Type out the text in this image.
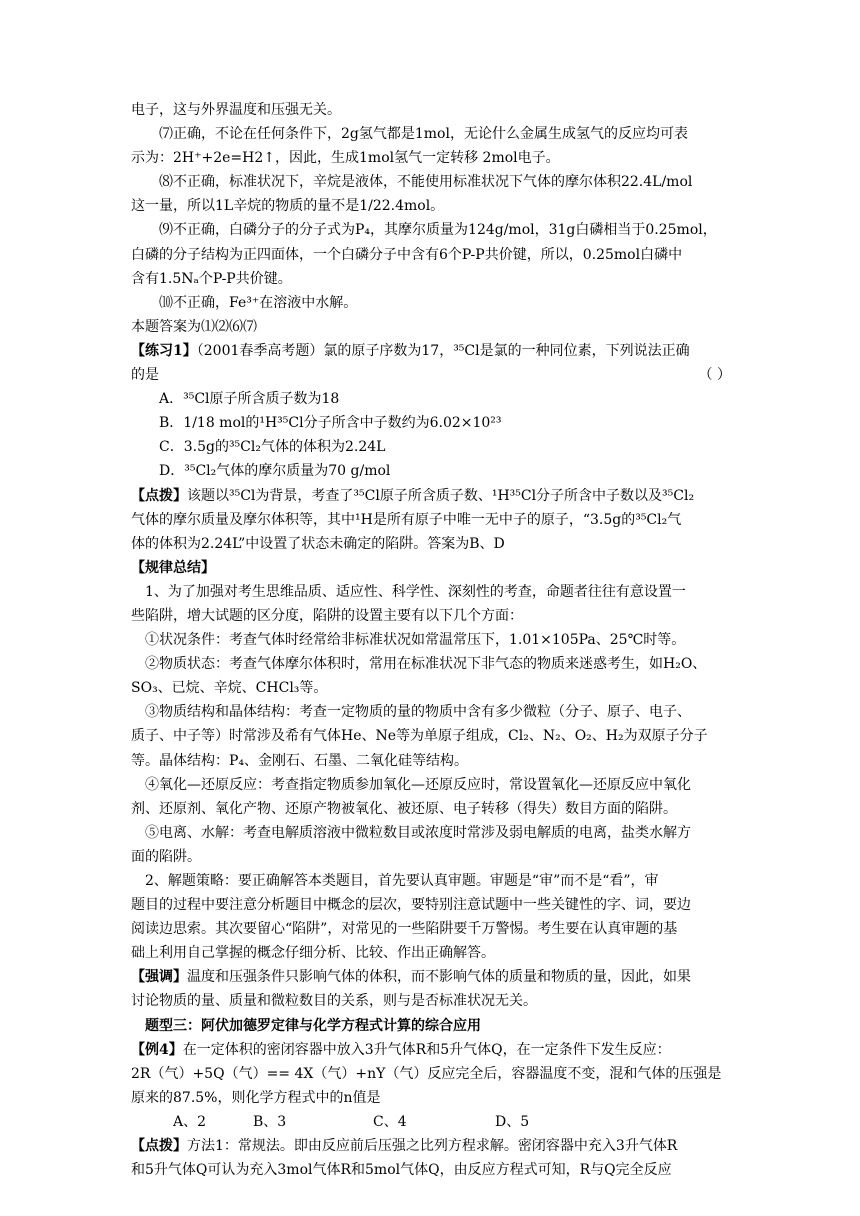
电子，这与外界温度和压强无关。

⑺正确，不论在任何条件下，2g氢气都是1mol，无论什么金属生成氢气的反应均可表

示为：2H⁺+2e=H2↑，因此，生成1mol氢气一定转移 2mol电子。

⑻不正确，标准状况下，辛烷是液体，不能使用标准状况下气体的摩尔体积22.4L/mol

这一量，所以1L辛烷的物质的量不是1/22.4mol。

⑼不正确，白磷分子的分子式为P₄，其摩尔质量为124g/mol，31g白磷相当于0.25mol，

白磷的分子结构为正四面体，一个白磷分子中含有6个P-P共价键，所以，0.25mol白磷中

含有1.5Nₐ个P-P共价键。

⑽不正确，Fe³⁺在溶液中水解。

本题答案为⑴⑵⑹⑺

【练习1】（2001春季高考题）氯的原子序数为17，³⁵Cl是氯的一种同位素，下列说法正确

的是	（ ）

A．³⁵Cl原子所含质子数为18

B．1/18 mol的¹H³⁵Cl分子所含中子数约为6.02×10²³

C．3.5g的³⁵Cl₂气体的体积为2.24L

D．³⁵Cl₂气体的摩尔质量为70 g/mol

【点拨】该题以³⁵Cl为背景，考查了³⁵Cl原子所含质子数、¹H³⁵Cl分子所含中子数以及³⁵Cl₂

气体的摩尔质量及摩尔体积等，其中¹H是所有原子中唯一无中子的原子，“3.5g的³⁵Cl₂气

体的体积为2.24L”中设置了状态未确定的陷阱。答案为B、D

【规律总结】

1、为了加强对考生思维品质、适应性、科学性、深刻性的考查，命题者往往有意设置一

些陷阱，增大试题的区分度，陷阱的设置主要有以下几个方面：

①状况条件：考查气体时经常给非标准状况如常温常压下，1.01×105Pa、25℃时等。

②物质状态：考查气体摩尔体积时，常用在标准状况下非气态的物质来迷惑考生，如H₂O、

SO₃、已烷、辛烷、CHCl₃等。

③物质结构和晶体结构：考查一定物质的量的物质中含有多少微粒（分子、原子、电子、

质子、中子等）时常涉及希有气体He、Ne等为单原子组成，Cl₂、N₂、O₂、H₂为双原子分子

等。晶体结构：P₄、金刚石、石墨、二氧化硅等结构。

④氧化—还原反应：考查指定物质参加氧化—还原反应时，常设置氧化—还原反应中氧化

剂、还原剂、氧化产物、还原产物被氧化、被还原、电子转移（得失）数目方面的陷阱。

⑤电离、水解：考查电解质溶液中微粒数目或浓度时常涉及弱电解质的电离，盐类水解方

面的陷阱。

2、解题策略：要正确解答本类题目，首先要认真审题。审题是“审”而不是“看”，审

题目的过程中要注意分析题目中概念的层次，要特别注意试题中一些关键性的字、词，要边

阅读边思索。其次要留心“陷阱”，对常见的一些陷阱要千万警惕。考生要在认真审题的基

础上利用自己掌握的概念仔细分析、比较、作出正确解答。

【强调】温度和压强条件只影响气体的体积，而不影响气体的质量和物质的量，因此，如果

讨论物质的量、质量和微粒数目的关系，则与是否标准状况无关。

题型三：阿伏加德罗定律与化学方程式计算的综合应用

【例4】在一定体积的密闭容器中放入3升气体R和5升气体Q，在一定条件下发生反应：

2R（气）+5Q（气）== 4X（气）+nY（气）反应完全后，容器温度不变，混和气体的压强是

原来的87.5%，则化学方程式中的n值是

A、2	B、3	C、4	D、5

【点拨】方法1：常规法。即由反应前后压强之比列方程求解。密闭容器中充入3升气体R

和5升气体Q可认为充入3mol气体R和5mol气体Q，由反应方程式可知，R与Q完全反应
